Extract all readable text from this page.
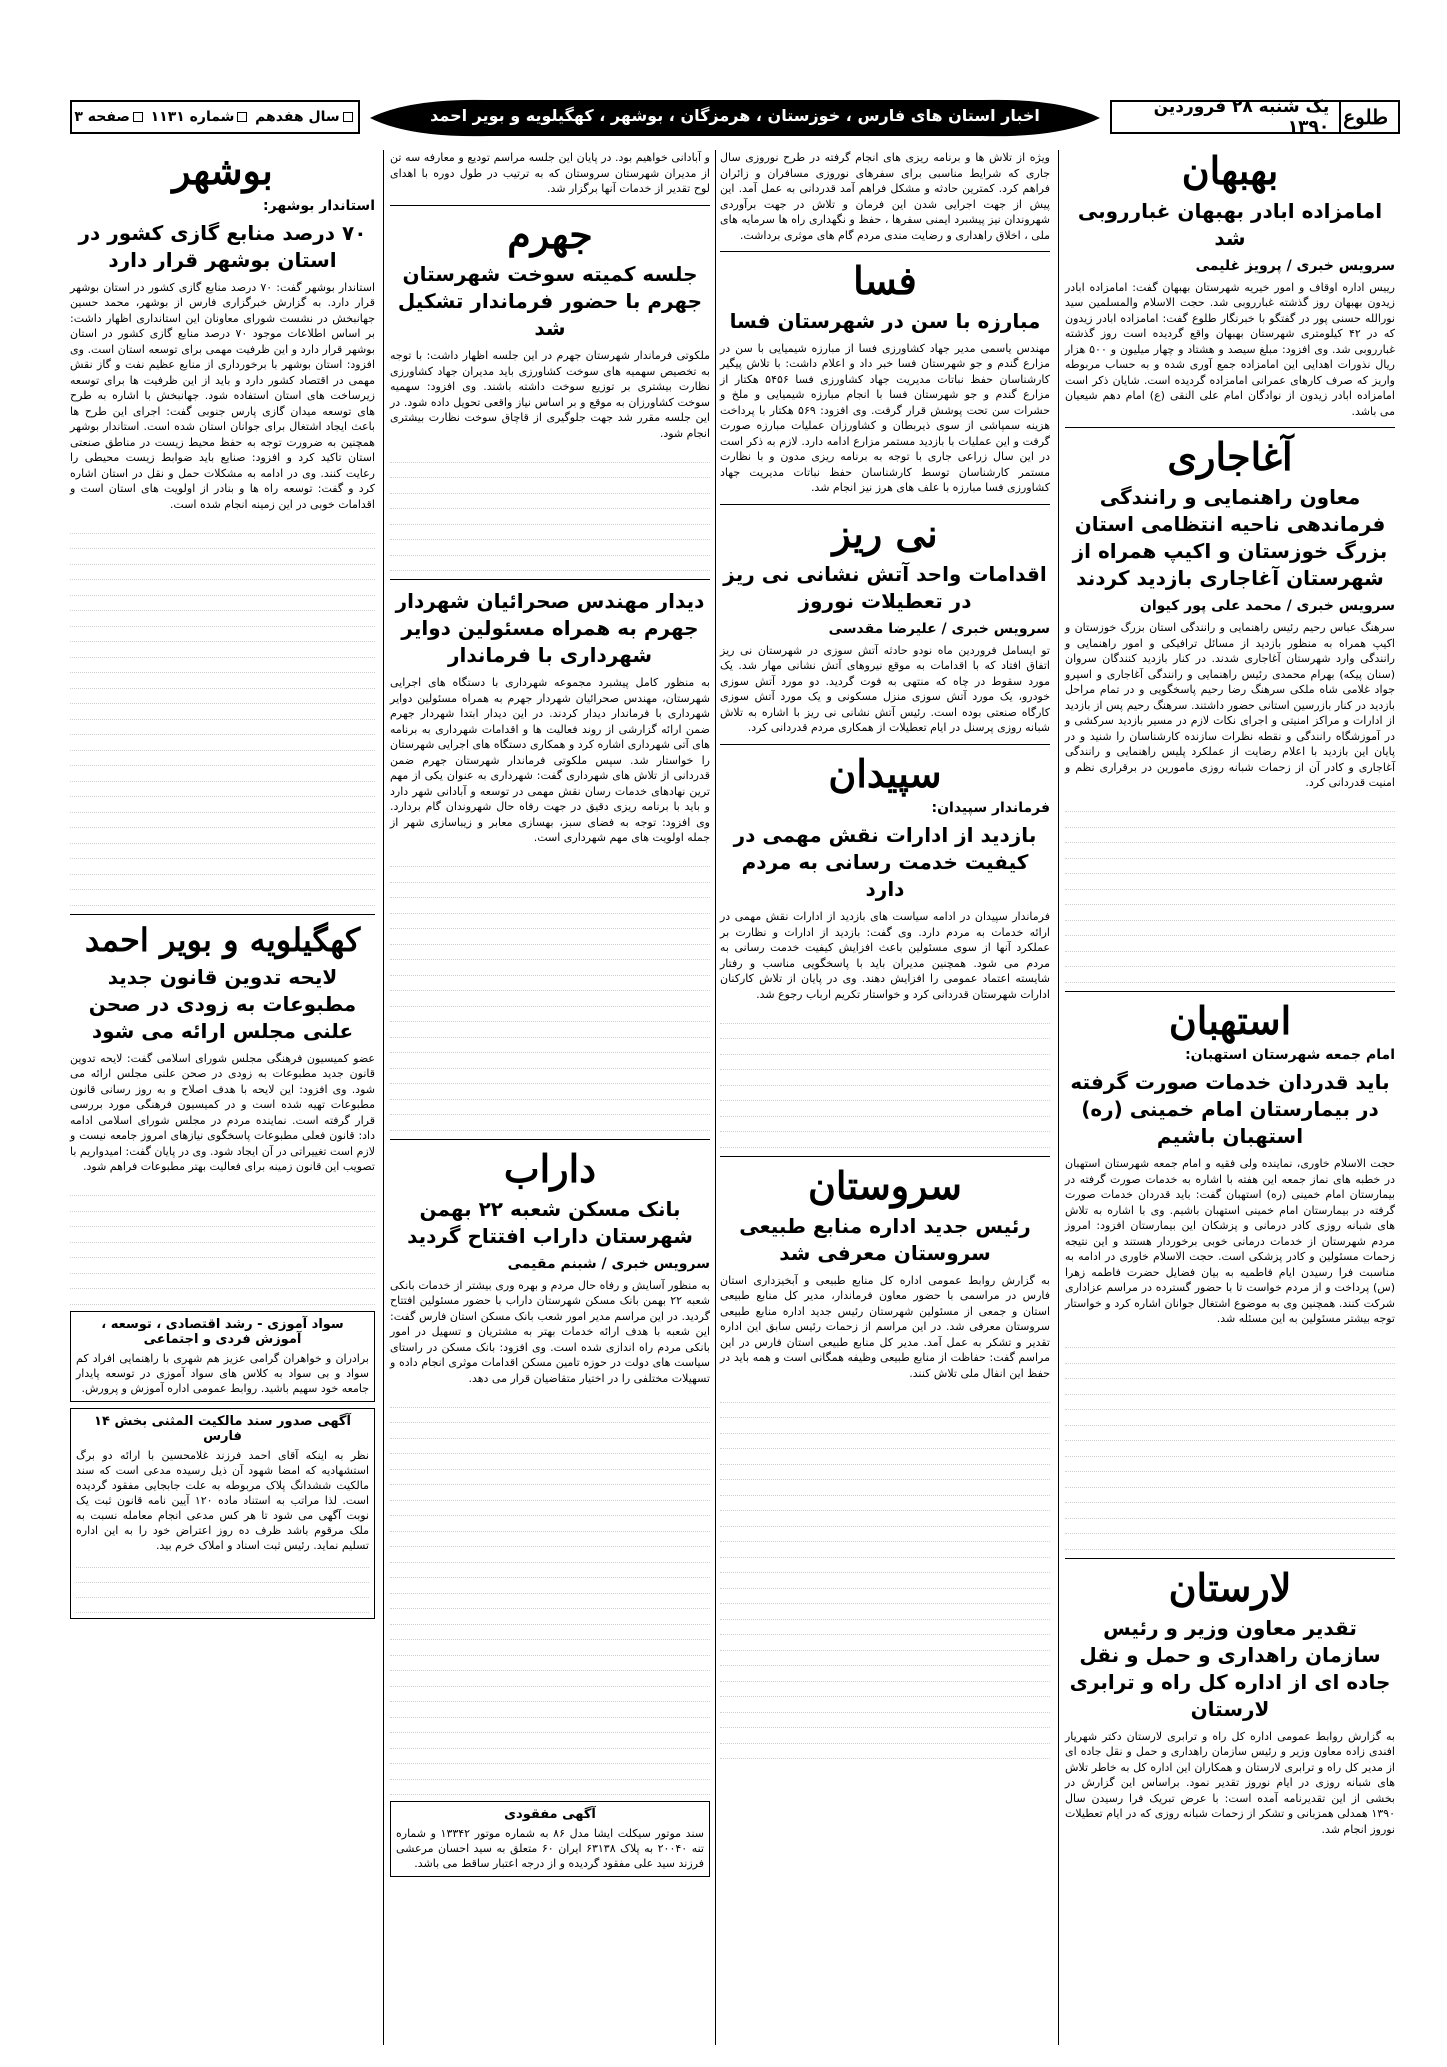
یک شنبه ۲۸ فروردین ۱۳۹۰ طلوع
اخبار استان های فارس ، خوزستان ، هرمزگان ، بوشهر ، کهگیلویه و بویر احمد
سال هفدهم
شماره ۱۱۳۱
صفحه ۳
بهبهان
امامزاده ابادر بهبهان غبارروبی شد
سرویس خبری / پرویز غلیمی
رییس اداره اوقاف و امور خیریه شهرستان بهبهان گفت: امامزاده ابادر زیدون بهبهان روز گذشته غبارروبی شد. حجت الاسلام والمسلمین سید نورالله حسنی پور در گفتگو با خبرنگار طلوع گفت: امامزاده ابادر زیدون که در ۴۲ کیلومتری شهرستان بهبهان واقع گردیده است روز گذشته غبارروبی شد. وی افزود: مبلغ سیصد و هشتاد و چهار میلیون و ۵۰۰ هزار ریال نذورات اهدایی این امامزاده جمع آوری شده و به حساب مربوطه واریز که صرف کارهای عمرانی امامزاده گردیده است. شایان ذکر است امامزاده ابادر زیدون از نوادگان امام علی النقی (ع) امام دهم شیعیان می باشد.
آغاجاری
معاون راهنمایی و رانندگی فرماندهی ناحیه انتظامی استان بزرگ خوزستان و اکیپ همراه از شهرستان آغاجاری بازدید کردند
سرویس خبری / محمد علی پور کیوان
سرهنگ عباس رحیم رئیس راهنمایی و رانندگی استان بزرگ خوزستان و اکیپ همراه به منظور بازدید از مسائل ترافیکی و امور راهنمایی و رانندگی وارد شهرستان آغاجاری شدند. در کنار بازدید کنندگان سروان (سنان پیکه) بهرام محمدی رئیس راهنمایی و رانندگی آغاجاری و اسپرو جواد غلامی شاه ملکی سرهنگ رضا رحیم پاسخگویی و در تمام مراحل بازدید در کنار بازرسین استانی حضور داشتند. سرهنگ رحیم پس از بازدید از ادارات و مراکز امنیتی و اجرای نکات لازم در مسیر بازدید سرکشی و در آموزشگاه رانندگی و نقطه نظرات سازنده کارشناسان را شنید و در پایان این بازدید با اعلام رضایت از عملکرد پلیس راهنمایی و رانندگی آغاجاری و کادر آن از زحمات شبانه روزی مامورین در برقراری نظم و امنیت قدردانی کرد.
استهبان
امام جمعه شهرستان استهبان:
باید قدردان خدمات صورت گرفته در بیمارستان امام خمینی (ره) استهبان باشیم
حجت الاسلام خاوری، نماینده ولی فقیه و امام جمعه شهرستان استهبان در خطبه های نماز جمعه این هفته با اشاره به خدمات صورت گرفته در بیمارستان امام خمینی (ره) استهبان گفت: باید قدردان خدمات صورت گرفته در بیمارستان امام خمینی استهبان باشیم. وی با اشاره به تلاش های شبانه روزی کادر درمانی و پزشکان این بیمارستان افزود: امروز مردم شهرستان از خدمات درمانی خوبی برخوردار هستند و این نتیجه زحمات مسئولین و کادر پزشکی است. حجت الاسلام خاوری در ادامه به مناسبت فرا رسیدن ایام فاطمیه به بیان فضایل حضرت فاطمه زهرا (س) پرداخت و از مردم خواست تا با حضور گسترده در مراسم عزاداری شرکت کنند. همچنین وی به موضوع اشتغال جوانان اشاره کرد و خواستار توجه بیشتر مسئولین به این مسئله شد.
لارستان
تقدیر معاون وزیر و رئیس سازمان راهداری و حمل و نقل جاده ای از اداره کل راه و ترابری لارستان
به گزارش روابط عمومی اداره کل راه و ترابری لارستان دکتر شهریار افندی زاده معاون وزیر و رئیس سازمان راهداری و حمل و نقل جاده ای از مدیر کل راه و ترابری لارستان و همکاران این اداره کل به خاطر تلاش های شبانه روزی در ایام نوروز تقدیر نمود. براساس این گزارش در بخشی از این تقدیرنامه آمده است: با عرض تبریک فرا رسیدن سال ۱۳۹۰ همدلی همزبانی و تشکر از زحمات شبانه روزی که در ایام تعطیلات نوروز انجام شد.
ویژه از تلاش ها و برنامه ریزی های انجام گرفته در طرح نوروزی سال جاری که شرایط مناسبی برای سفرهای نوروزی مسافران و زائران فراهم کرد. کمترین حادثه و مشکل فراهم آمد قدردانی به عمل آمد. این پیش از جهت اجرایی شدن این فرمان و تلاش در جهت برآوردی شهروندان نیز پیشبرد ایمنی سفرها ، حفظ و نگهداری راه ها سرمایه های ملی ، اخلاق راهداری و رضایت مندی مردم گام های موثری برداشت.
فسا
مبارزه با سن در شهرستان فسا
مهندس یاسمی مدیر جهاد کشاورزی فسا از مبارزه شیمیایی با سن در مزارع گندم و جو شهرستان فسا خبر داد و اعلام داشت: با تلاش پیگیر کارشناسان حفظ نباتات مدیریت جهاد کشاورزی فسا ۵۴۵۶ هکتار از مزارع گندم و جو شهرستان فسا با انجام مبارزه شیمیایی و ملخ و حشرات سن تحت پوشش قرار گرفت. وی افزود: ۵۶۹ هکتار با پرداخت هزینه سمپاشی از سوی ذیربطان و کشاورزان عملیات مبارزه صورت گرفت و این عملیات با بازدید مستمر مزارع ادامه دارد. لازم به ذکر است در این سال زراعی جاری با توجه به برنامه ریزی مدون و با نظارت مستمر کارشناسان توسط کارشناسان حفظ نباتات مدیریت جهاد کشاورزی فسا مبارزه با علف های هرز نیز انجام شد.
نی ریز
اقدامات واحد آتش نشانی نی ریز در تعطیلات نوروز
سرویس خبری / علیرضا مقدسی
تو ایسامل فروردین ماه نودو حادثه آتش سوزی در شهرستان نی ریز اتفاق افتاد که با اقدامات به موقع نیروهای آتش نشانی مهار شد. یک مورد سقوط در چاه که منتهی به فوت گردید. دو مورد آتش سوزی خودرو، یک مورد آتش سوزی منزل مسکونی و یک مورد آتش سوزی کارگاه صنعتی بوده است. رئیس آتش نشانی نی ریز با اشاره به تلاش شبانه روزی پرسنل در ایام تعطیلات از همکاری مردم قدردانی کرد.
سپیدان
فرماندار سپیدان:
بازدید از ادارات نقش مهمی در کیفیت خدمت رسانی به مردم دارد
فرماندار سپیدان در ادامه سیاست های بازدید از ادارات نقش مهمی در ارائه خدمات به مردم دارد. وی گفت: بازدید از ادارات و نظارت بر عملکرد آنها از سوی مسئولین باعث افزایش کیفیت خدمت رسانی به مردم می شود. همچنین مدیران باید با پاسخگویی مناسب و رفتار شایسته اعتماد عمومی را افزایش دهند. وی در پایان از تلاش کارکنان ادارات شهرستان قدردانی کرد و خواستار تکریم ارباب رجوع شد.
سروستان
رئیس جدید اداره منابع طبیعی سروستان معرفی شد
به گزارش روابط عمومی اداره کل منابع طبیعی و آبخیزداری استان فارس در مراسمی با حضور معاون فرماندار، مدیر کل منابع طبیعی استان و جمعی از مسئولین شهرستان رئیس جدید اداره منابع طبیعی سروستان معرفی شد. در این مراسم از زحمات رئیس سابق این اداره تقدیر و تشکر به عمل آمد. مدیر کل منابع طبیعی استان فارس در این مراسم گفت: حفاظت از منابع طبیعی وظیفه همگانی است و همه باید در حفظ این انفال ملی تلاش کنند.
و آبادانی خواهیم بود. در پایان این جلسه مراسم تودیع و معارفه سه تن از مدیران شهرستان سروستان که به ترتیب در طول دوره با اهدای لوح تقدیر از خدمات آنها برگزار شد.
جهرم
جلسه کمیته سوخت شهرستان جهرم با حضور فرماندار تشکیل شد
ملکوتی فرماندار شهرستان جهرم در این جلسه اظهار داشت: با توجه به تخصیص سهمیه های سوخت کشاورزی باید مدیران جهاد کشاورزی نظارت بیشتری بر توزیع سوخت داشته باشند. وی افزود: سهمیه سوخت کشاورزان به موقع و بر اساس نیاز واقعی تحویل داده شود. در این جلسه مقرر شد جهت جلوگیری از قاچاق سوخت نظارت بیشتری انجام شود.
دیدار مهندس صحرائیان شهردار جهرم به همراه مسئولین دوایر شهرداری با فرماندار
به منظور کامل پیشبرد مجموعه شهرداری با دستگاه های اجرایی شهرستان، مهندس صحرائیان شهردار جهرم به همراه مسئولین دوایر شهرداری با فرماندار دیدار کردند. در این دیدار ابتدا شهردار جهرم ضمن ارائه گزارشی از روند فعالیت ها و اقدامات شهرداری به برنامه های آتی شهرداری اشاره کرد و همکاری دستگاه های اجرایی شهرستان را خواستار شد. سپس ملکوتی فرماندار شهرستان جهرم ضمن قدردانی از تلاش های شهرداری گفت: شهرداری به عنوان یکی از مهم ترین نهادهای خدمات رسان نقش مهمی در توسعه و آبادانی شهر دارد و باید با برنامه ریزی دقیق در جهت رفاه حال شهروندان گام بردارد. وی افزود: توجه به فضای سبز، بهسازی معابر و زیباسازی شهر از جمله اولویت های مهم شهرداری است.
داراب
بانک مسکن شعبه ۲۲ بهمن شهرستان داراب افتتاح گردید
سرویس خبری / شبنم مقیمی
به منظور آسایش و رفاه حال مردم و بهره وری بیشتر از خدمات بانکی شعبه ۲۲ بهمن بانک مسکن شهرستان داراب با حضور مسئولین افتتاح گردید. در این مراسم مدیر امور شعب بانک مسکن استان فارس گفت: این شعبه با هدف ارائه خدمات بهتر به مشتریان و تسهیل در امور بانکی مردم راه اندازی شده است. وی افزود: بانک مسکن در راستای سیاست های دولت در حوزه تامین مسکن اقدامات موثری انجام داده و تسهیلات مختلفی را در اختیار متقاضیان قرار می دهد.
آگهی مفقودی
سند موتور سیکلت ایشا مدل ۸۶ به شماره موتور ۱۳۳۴۲ و شماره تنه ۲۰۰۴۰ به پلاک ۶۳۱۳۸ ایران ۶۰ متعلق به سید احسان مرعشی فرزند سید علی مفقود گردیده و از درجه اعتبار ساقط می باشد.
بوشهر
استاندار بوشهر:
۷۰ درصد منابع گازی کشور در استان بوشهر قرار دارد
استاندار بوشهر گفت: ۷۰ درصد منابع گازی کشور در استان بوشهر قرار دارد. به گزارش خبرگزاری فارس از بوشهر، محمد حسین جهانبخش در نشست شورای معاونان این استانداری اظهار داشت: بر اساس اطلاعات موجود ۷۰ درصد منابع گازی کشور در استان بوشهر قرار دارد و این ظرفیت مهمی برای توسعه استان است. وی افزود: استان بوشهر با برخورداری از منابع عظیم نفت و گاز نقش مهمی در اقتصاد کشور دارد و باید از این ظرفیت ها برای توسعه زیرساخت های استان استفاده شود. جهانبخش با اشاره به طرح های توسعه میدان گازی پارس جنوبی گفت: اجرای این طرح ها باعث ایجاد اشتغال برای جوانان استان شده است. استاندار بوشهر همچنین به ضرورت توجه به حفظ محیط زیست در مناطق صنعتی استان تاکید کرد و افزود: صنایع باید ضوابط زیست محیطی را رعایت کنند. وی در ادامه به مشکلات حمل و نقل در استان اشاره کرد و گفت: توسعه راه ها و بنادر از اولویت های استان است و اقدامات خوبی در این زمینه انجام شده است.
کهگیلویه و بویر احمد
لایحه تدوین قانون جدید مطبوعات به زودی در صحن علنی مجلس ارائه می شود
عضو کمیسیون فرهنگی مجلس شورای اسلامی گفت: لایحه تدوین قانون جدید مطبوعات به زودی در صحن علنی مجلس ارائه می شود. وی افزود: این لایحه با هدف اصلاح و به روز رسانی قانون مطبوعات تهیه شده است و در کمیسیون فرهنگی مورد بررسی قرار گرفته است. نماینده مردم در مجلس شورای اسلامی ادامه داد: قانون فعلی مطبوعات پاسخگوی نیازهای امروز جامعه نیست و لازم است تغییراتی در آن ایجاد شود. وی در پایان گفت: امیدواریم با تصویب این قانون زمینه برای فعالیت بهتر مطبوعات فراهم شود.
سواد آموزی - رشد اقتصادی ، توسعه ، آموزش فردی و اجتماعی
برادران و خواهران گرامی عزیز هم شهری با راهنمایی افراد کم سواد و بی سواد به کلاس های سواد آموزی در توسعه پایدار جامعه خود سهیم باشید. روابط عمومی اداره آموزش و پرورش.
آگهی صدور سند مالکیت المثنی بخش ۱۴ فارس
نظر به اینکه آقای احمد فرزند غلامحسین با ارائه دو برگ استشهادیه که امضا شهود آن ذیل رسیده مدعی است که سند مالکیت ششدانگ پلاک مربوطه به علت جابجایی مفقود گردیده است. لذا مراتب به استناد ماده ۱۲۰ آیین نامه قانون ثبت یک نوبت آگهی می شود تا هر کس مدعی انجام معامله نسبت به ملک مرقوم باشد ظرف ده روز اعتراض خود را به این اداره تسلیم نماید. رئیس ثبت اسناد و املاک خرم بید.
